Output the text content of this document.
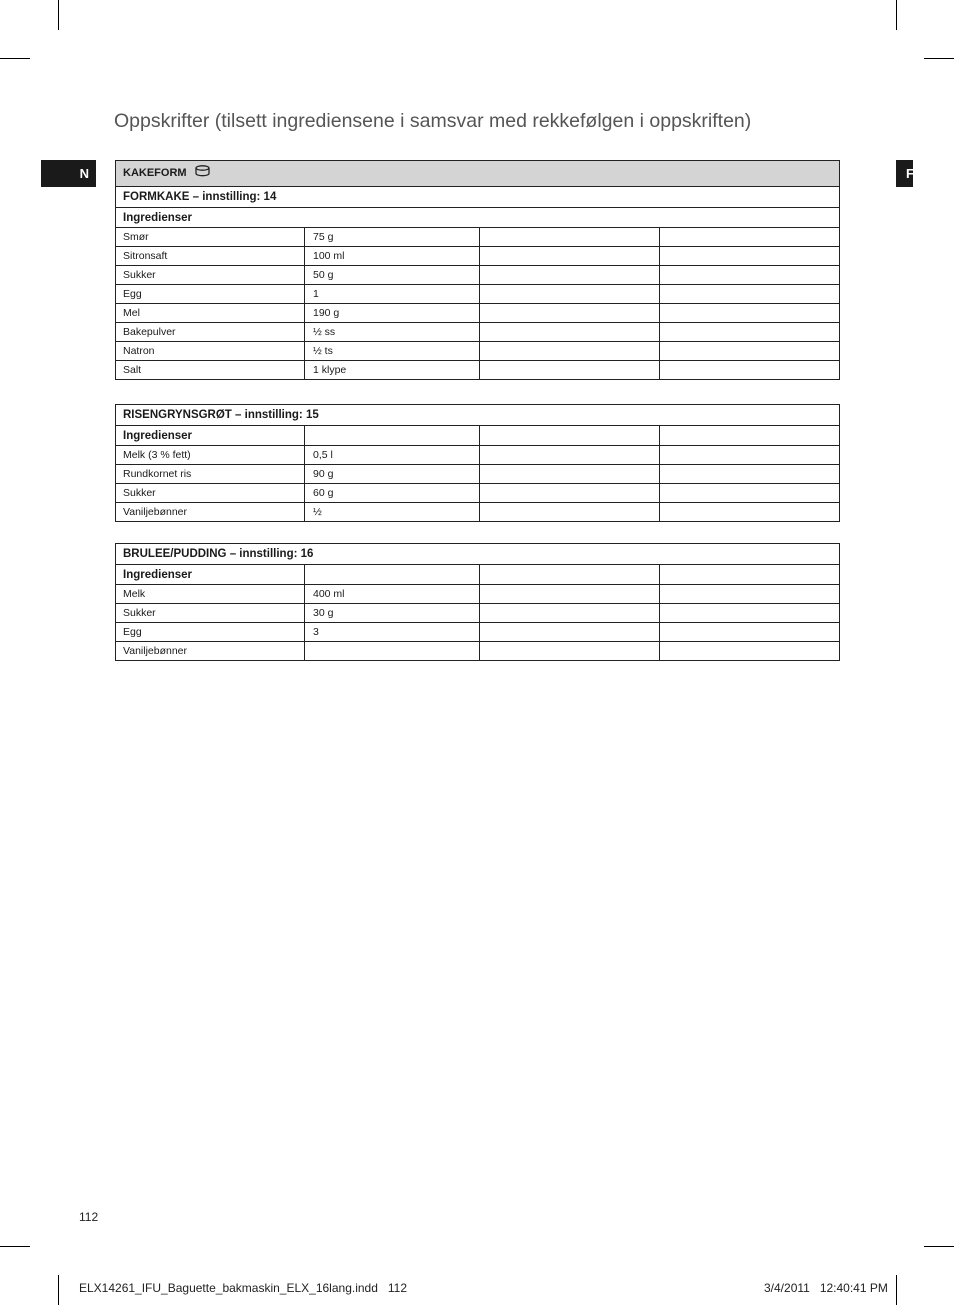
Oppskrifter (tilsett ingrediensene i samsvar med rekkefølgen i oppskriften)
N	F
KAKEFORM			
FORMKAKE – innstilling: 14			
Ingredienser			
Smør	75 g		
Sitronsaft	100 ml		
Sukker	50 g		
Egg	1		
Mel	190 g		
Bakepulver	½ ss		
Natron	½ ts		
Salt	1 klype		
RISENGRYNSGRØT – innstilling: 15			
Ingredienser			
Melk (3 % fett)	0,5 l		
Rundkornet ris	90 g		
Sukker	60 g		
Vaniljebønner	½		
BRULEE/PUDDING – innstilling: 16			
Ingredienser			
Melk	400 ml		
Sukker	30 g		
Egg	3		
Vaniljebønner			
112
ELX14261_IFU_Baguette_bakmaskin_ELX_16lang.indd   112	3/4/2011   12:40:41 PM
